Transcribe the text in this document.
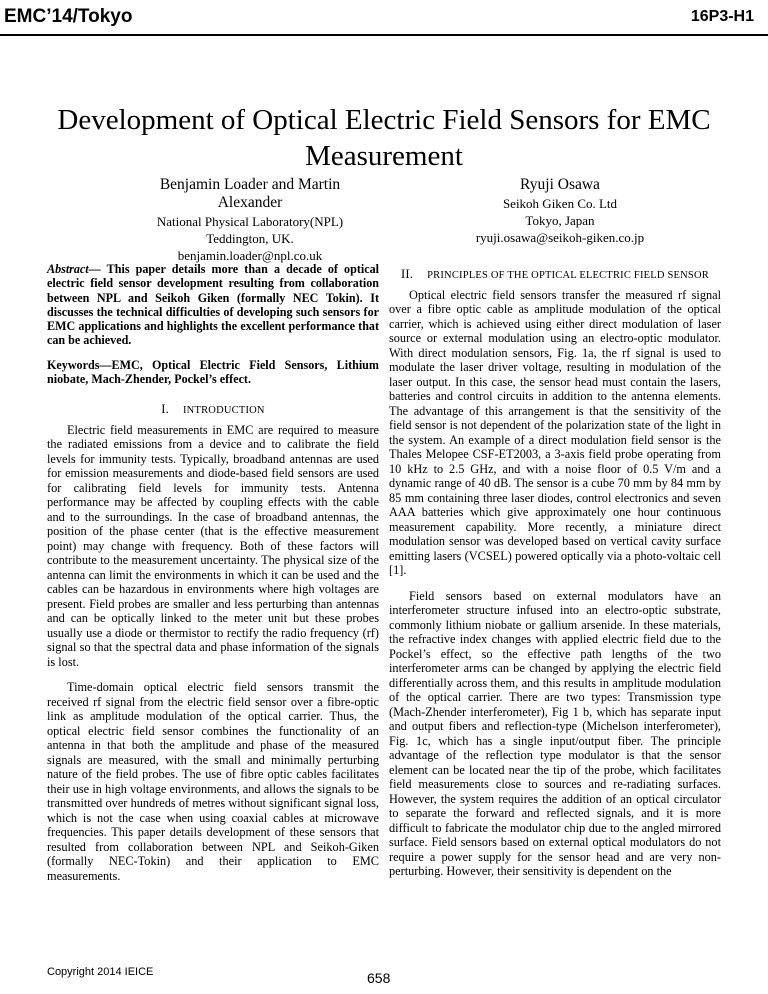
EMC’14/Tokyo	16P3-H1
Development of Optical Electric Field Sensors for EMC Measurement
Benjamin Loader and Martin Alexander
National Physical Laboratory(NPL)
Teddington, UK.
benjamin.loader@npl.co.uk
Ryuji Osawa
Seikoh Giken Co. Ltd
Tokyo, Japan
ryuji.osawa@seikoh-giken.co.jp

Abstract— This paper details more than a decade of optical electric field sensor development resulting from collaboration between NPL and Seikoh Giken (formally NEC Tokin). It discusses the technical difficulties of developing such sensors for EMC applications and highlights the excellent performance that can be achieved.

Keywords—EMC, Optical Electric Field Sensors, Lithium niobate, Mach-Zhender, Pockel’s effect.

I. INTRODUCTION

Electric field measurements in EMC are required to measure the radiated emissions from a device and to calibrate the field levels for immunity tests. Typically, broadband antennas are used for emission measurements and diode-based field sensors are used for calibrating field levels for immunity tests. Antenna performance may be affected by coupling effects with the cable and to the surroundings. In the case of broadband antennas, the position of the phase center (that is the effective measurement point) may change with frequency. Both of these factors will contribute to the measurement uncertainty. The physical size of the antenna can limit the environments in which it can be used and the cables can be hazardous in environments where high voltages are present. Field probes are smaller and less perturbing than antennas and can be optically linked to the meter unit but these probes usually use a diode or thermistor to rectify the radio frequency (rf) signal so that the spectral data and phase information of the signals is lost.

Time-domain optical electric field sensors transmit the received rf signal from the electric field sensor over a fibre-optic link as amplitude modulation of the optical carrier. Thus, the optical electric field sensor combines the functionality of an antenna in that both the amplitude and phase of the measured signals are measured, with the small and minimally perturbing nature of the field probes. The use of fibre optic cables facilitates their use in high voltage environments, and allows the signals to be transmitted over hundreds of metres without significant signal loss, which is not the case when using coaxial cables at microwave frequencies. This paper details development of these sensors that resulted from collaboration between NPL and Seikoh-Giken (formally NEC-Tokin) and their application to EMC measurements.

II. PRINCIPLES OF THE OPTICAL ELECTRIC FIELD SENSOR

Optical electric field sensors transfer the measured rf signal over a fibre optic cable as amplitude modulation of the optical carrier, which is achieved using either direct modulation of laser source or external modulation using an electro-optic modulator. With direct modulation sensors, Fig. 1a, the rf signal is used to modulate the laser driver voltage, resulting in modulation of the laser output. In this case, the sensor head must contain the lasers, batteries and control circuits in addition to the antenna elements. The advantage of this arrangement is that the sensitivity of the field sensor is not dependent of the polarization state of the light in the system. An example of a direct modulation field sensor is the Thales Melopee CSF-ET2003, a 3-axis field probe operating from 10 kHz to 2.5 GHz, and with a noise floor of 0.5 V/m and a dynamic range of 40 dB. The sensor is a cube 70 mm by 84 mm by 85 mm containing three laser diodes, control electronics and seven AAA batteries which give approximately one hour continuous measurement capability. More recently, a miniature direct modulation sensor was developed based on vertical cavity surface emitting lasers (VCSEL) powered optically via a photo-voltaic cell [1].

Field sensors based on external modulators have an interferometer structure infused into an electro-optic substrate, commonly lithium niobate or gallium arsenide. In these materials, the refractive index changes with applied electric field due to the Pockel’s effect, so the effective path lengths of the two interferometer arms can be changed by applying the electric field differentially across them, and this results in amplitude modulation of the optical carrier. There are two types: Transmission type (Mach-Zhender interferometer), Fig 1 b, which has separate input and output fibers and reflection-type (Michelson interferometer), Fig. 1c, which has a single input/output fiber. The principle advantage of the reflection type modulator is that the sensor element can be located near the tip of the probe, which facilitates field measurements close to sources and re-radiating surfaces. However, the system requires the addition of an optical circulator to separate the forward and reflected signals, and it is more difficult to fabricate the modulator chip due to the angled mirrored surface. Field sensors based on external optical modulators do not require a power supply for the sensor head and are very non-perturbing. However, their sensitivity is dependent on the

Copyright 2014 IEICE	658
